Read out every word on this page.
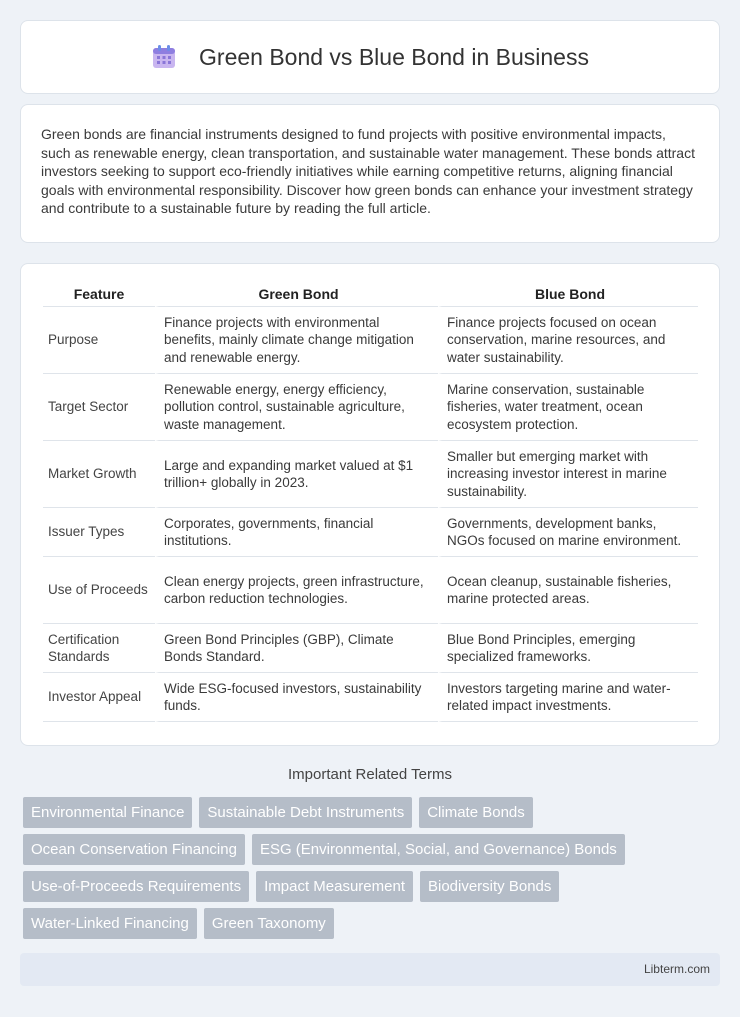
Green Bond vs Blue Bond in Business

Green bonds are financial instruments designed to fund projects with positive environmental impacts, such as renewable energy, clean transportation, and sustainable water management. These bonds attract investors seeking to support eco-friendly initiatives while earning competitive returns, aligning financial goals with environmental responsibility. Discover how green bonds can enhance your investment strategy and contribute to a sustainable future by reading the full article.

Feature	Green Bond	Blue Bond
Purpose	Finance projects with environmental benefits, mainly climate change mitigation and renewable energy.	Finance projects focused on ocean conservation, marine resources, and water sustainability.
Target Sector	Renewable energy, energy efficiency, pollution control, sustainable agriculture, waste management.	Marine conservation, sustainable fisheries, water treatment, ocean ecosystem protection.
Market Growth	Large and expanding market valued at $1 trillion+ globally in 2023.	Smaller but emerging market with increasing investor interest in marine sustainability.
Issuer Types	Corporates, governments, financial institutions.	Governments, development banks, NGOs focused on marine environment.
Use of Proceeds	Clean energy projects, green infrastructure, carbon reduction technologies.	Ocean cleanup, sustainable fisheries, marine protected areas.
Certification Standards	Green Bond Principles (GBP), Climate Bonds Standard.	Blue Bond Principles, emerging specialized frameworks.
Investor Appeal	Wide ESG-focused investors, sustainability funds.	Investors targeting marine and water-related impact investments.
Important Related Terms
Environmental Finance	Sustainable Debt Instruments	Climate Bonds
Ocean Conservation Financing	ESG (Environmental, Social, and Governance) Bonds
Use-of-Proceeds Requirements	Impact Measurement	Biodiversity Bonds
Water-Linked Financing	Green Taxonomy
Libterm.com
